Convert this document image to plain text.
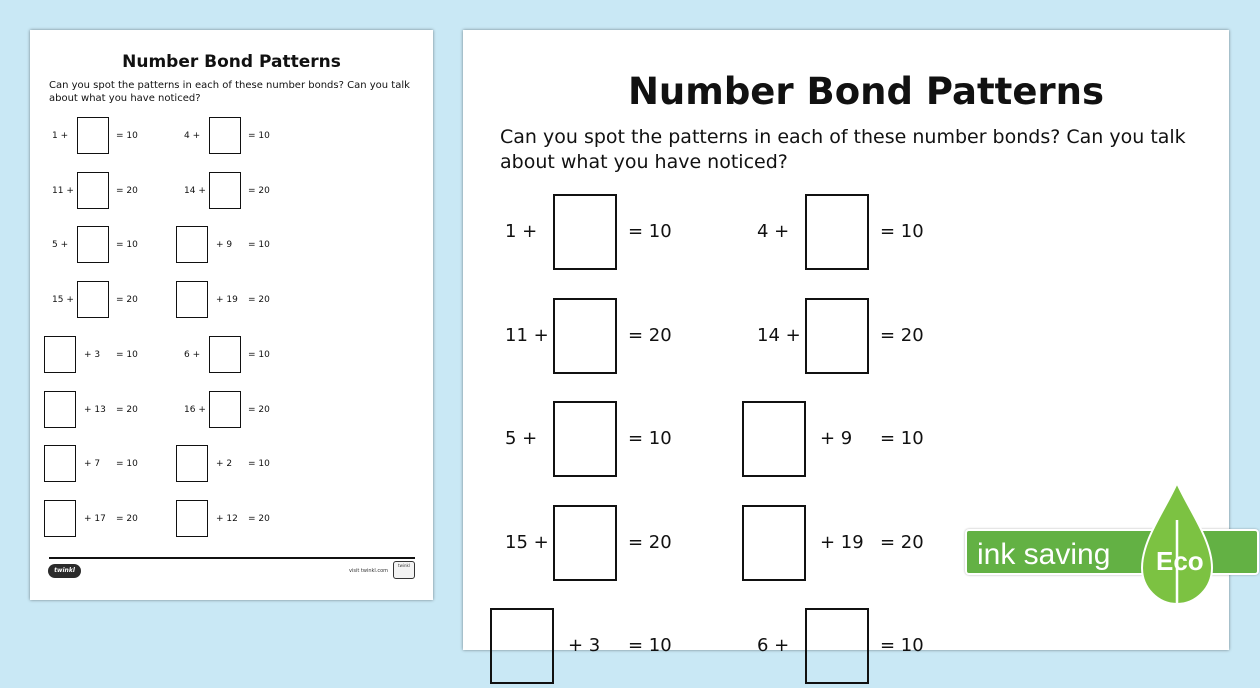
Number Bond Patterns
Can you spot the patterns in each of these number bonds? Can you talk about what you have noticed?
1 +	= 10	4 +	= 10
11 +	= 20	14 +	= 20
5 +	= 10	+ 9 = 10
15 +	= 20	+ 19 = 20
+ 3 = 10	6 +	= 10
+ 13 = 20	16 +	= 20
+ 7 = 10	+ 2 = 10
+ 17 = 20	+ 12 = 20
twinkl	visit twinkl.com
twinkl
Number Bond Patterns
Can you spot the patterns in each of these number bonds? Can you talk about what you have noticed?
1 +	= 10	4 +	= 10
11 +	= 20	14 +	= 20
5 +	= 10	+ 9 = 10
15 +	= 20	+ 19 = 20
+ 3 = 10	6 +	= 10
ink saving Eco
